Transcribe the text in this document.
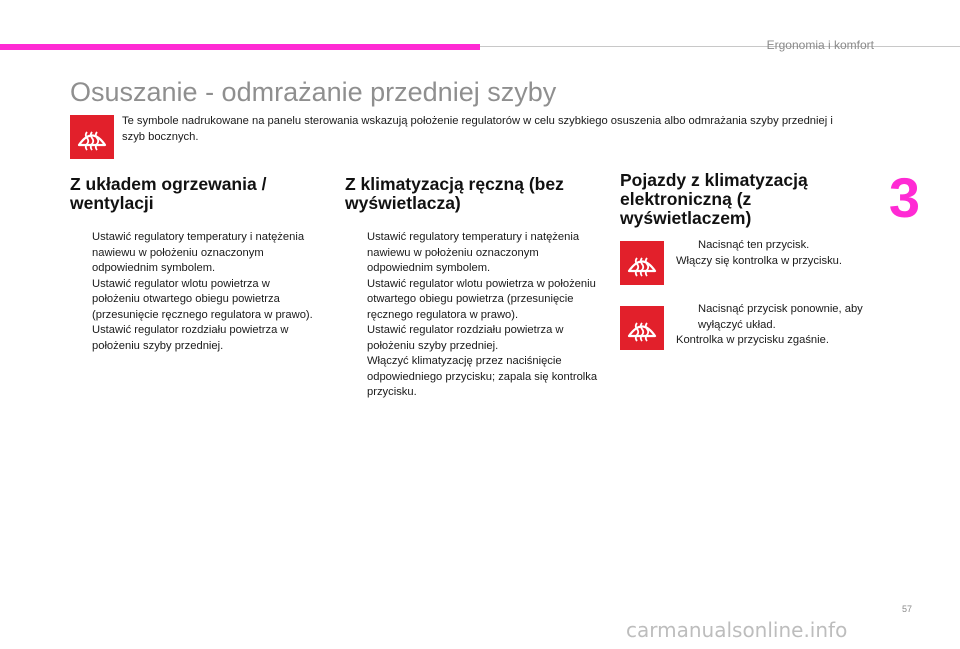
Ergonomia i komfort
3
Osuszanie - odmrażanie przedniej szyby
Te symbole nadrukowane na panelu sterowania wskazują położenie regulatorów w celu szybkiego osuszenia albo odmrażania szyby przedniej i szyb bocznych.
Z układem ogrzewania / wentylacji

Ustawić regulatory temperatury i natężenia nawiewu w położeniu oznaczonym odpowiednim symbolem.

Ustawić regulator wlotu powietrza w położeniu otwartego obiegu powietrza (przesunięcie ręcznego regulatora w prawo).

Ustawić regulator rozdziału powietrza w położeniu szyby przedniej.

Z klimatyzacją ręczną (bez wyświetlacza)

Ustawić regulatory temperatury i natężenia nawiewu w położeniu oznaczonym odpowiednim symbolem.

Ustawić regulator wlotu powietrza w położeniu otwartego obiegu powietrza (przesunięcie ręcznego regulatora w prawo).

Ustawić regulator rozdziału powietrza w położeniu szyby przedniej.

Włączyć klimatyzację przez naciśnięcie odpowiedniego przycisku; zapala się kontrolka przycisku.

Pojazdy z klimatyzacją elektroniczną (z wyświetlaczem)

Nacisnąć ten przycisk.

Włączy się kontrolka w przycisku.

Nacisnąć przycisk ponownie, aby wyłączyć układ.

Kontrolka w przycisku zgaśnie.
57
carmanualsonline.info
